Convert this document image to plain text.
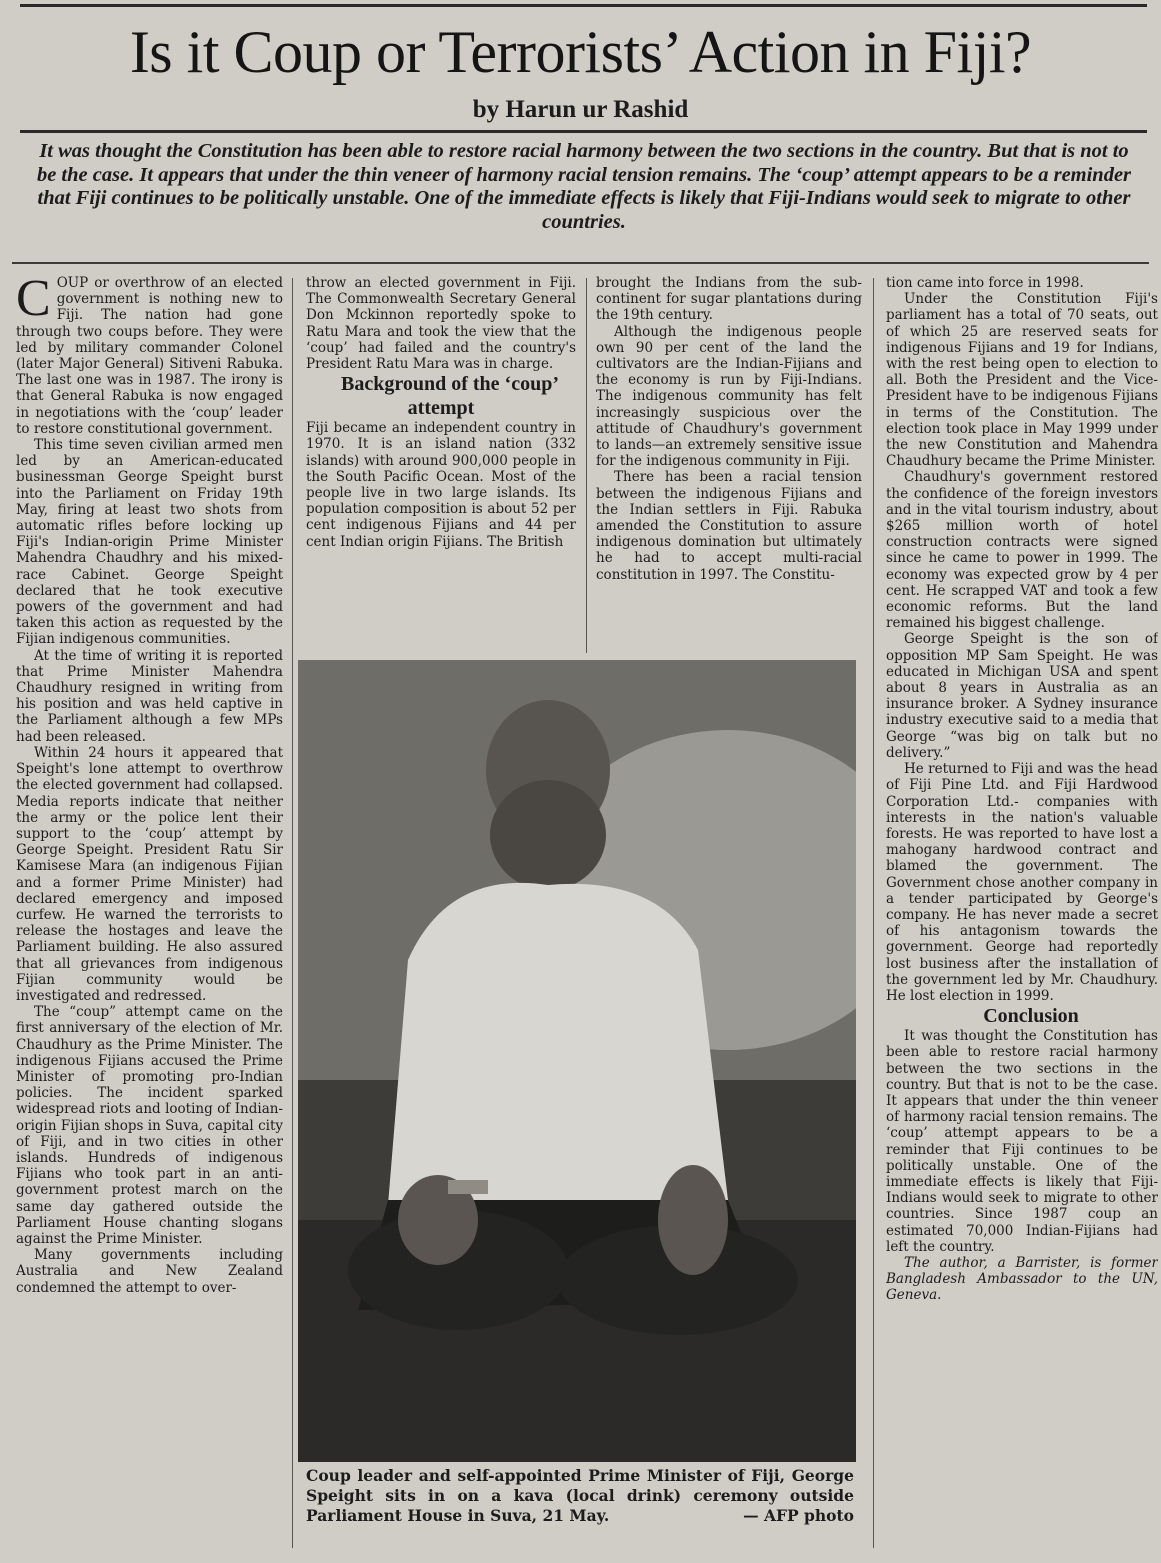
Is it Coup or Terrorists’ Action in Fiji?
by Harun ur Rashid

It was thought the Constitution has been able to restore racial harmony between the two sections in the country. But that is not to be the case. It appears that under the thin veneer of harmony racial tension remains. The ‘coup’ attempt appears to be a reminder that Fiji continues to be politically unstable. One of the immediate effects is likely that Fiji-Indians would seek to migrate to other countries.

COUP or overthrow of an elected government is nothing new to Fiji. The nation had gone through two coups before. They were led by military commander Colonel (later Major General) Sitiveni Rabuka. The last one was in 1987. The irony is that General Rabuka is now engaged in negotiations with the ‘coup’ leader to restore constitutional government.

This time seven civilian armed men led by an American-educated businessman George Speight burst into the Parliament on Friday 19th May, firing at least two shots from automatic rifles before locking up Fiji's Indian-origin Prime Minister Mahendra Chaudhry and his mixed-race Cabinet. George Speight declared that he took executive powers of the government and had taken this action as requested by the Fijian indigenous communities.

At the time of writing it is reported that Prime Minister Mahendra Chaudhury resigned in writing from his position and was held captive in the Parliament although a few MPs had been released.

Within 24 hours it appeared that Speight's lone attempt to overthrow the elected government had collapsed. Media reports indicate that neither the army or the police lent their support to the ‘coup’ attempt by George Speight. President Ratu Sir Kamisese Mara (an indigenous Fijian and a former Prime Minister) had declared emergency and imposed curfew. He warned the terrorists to release the hostages and leave the Parliament building. He also assured that all grievances from indigenous Fijian community would be investigated and redressed.

The “coup” attempt came on the first anniversary of the election of Mr. Chaudhury as the Prime Minister. The indigenous Fijians accused the Prime Minister of promoting pro-Indian policies. The incident sparked widespread riots and looting of Indian-origin Fijian shops in Suva, capital city of Fiji, and in two cities in other islands. Hundreds of indigenous Fijians who took part in an anti-government protest march on the same day gathered outside the Parliament House chanting slogans against the Prime Minister.

Many governments including Australia and New Zealand condemned the attempt to over-

throw an elected government in Fiji. The Commonwealth Secretary General Don Mckinnon reportedly spoke to Ratu Mara and took the view that the ‘coup’ had failed and the country's President Ratu Mara was in charge.

Background of the ‘coup’ attempt

Fiji became an independent country in 1970. It is an island nation (332 islands) with around 900,000 people in the South Pacific Ocean. Most of the people live in two large islands. Its population composition is about 52 per cent indigenous Fijians and 44 per cent Indian origin Fijians. The British

brought the Indians from the sub-continent for sugar plantations during the 19th century.

Although the indigenous people own 90 per cent of the land the cultivators are the Indian-Fijians and the economy is run by Fiji-Indians. The indigenous community has felt increasingly suspicious over the attitude of Chaudhury's government to lands—an extremely sensitive issue for the indigenous community in Fiji.

There has been a racial tension between the indigenous Fijians and the Indian settlers in Fiji. Rabuka amended the Constitution to assure indigenous domination but ultimately he had to accept multi-racial constitution in 1997. The Constitu-

tion came into force in 1998.

Under the Constitution Fiji's parliament has a total of 70 seats, out of which 25 are reserved seats for indigenous Fijians and 19 for Indians, with the rest being open to election to all. Both the President and the Vice-President have to be indigenous Fijians in terms of the Constitution. The election took place in May 1999 under the new Constitution and Mahendra Chaudhury became the Prime Minister.

Chaudhury's government restored the confidence of the foreign investors and in the vital tourism industry, about $265 million worth of hotel construction contracts were signed since he came to power in 1999. The economy was expected grow by 4 per cent. He scrapped VAT and took a few economic reforms. But the land remained his biggest challenge.

George Speight is the son of opposition MP Sam Speight. He was educated in Michigan USA and spent about 8 years in Australia as an insurance broker. A Sydney insurance industry executive said to a media that George “was big on talk but no delivery.”

He returned to Fiji and was the head of Fiji Pine Ltd. and Fiji Hardwood Corporation Ltd.- companies with interests in the nation's valuable forests. He was reported to have lost a mahogany hardwood contract and blamed the government. The Government chose another company in a tender participated by George's company. He has never made a secret of his antagonism towards the government. George had reportedly lost business after the installation of the government led by Mr. Chaudhury. He lost election in 1999.

Conclusion

It was thought the Constitution has been able to restore racial harmony between the two sections in the country. But that is not to be the case. It appears that under the thin veneer of harmony racial tension remains. The ‘coup’ attempt appears to be a reminder that Fiji continues to be politically unstable. One of the immediate effects is likely that Fiji-Indians would seek to migrate to other countries. Since 1987 coup an estimated 70,000 Indian-Fijians had left the country.

The author, a Barrister, is former Bangladesh Ambassador to the UN, Geneva.

Coup leader and self-appointed Prime Minister of Fiji, George Speight sits in on a kava (local drink) ceremony outside Parliament House in Suva, 21 May.	— AFP photo
